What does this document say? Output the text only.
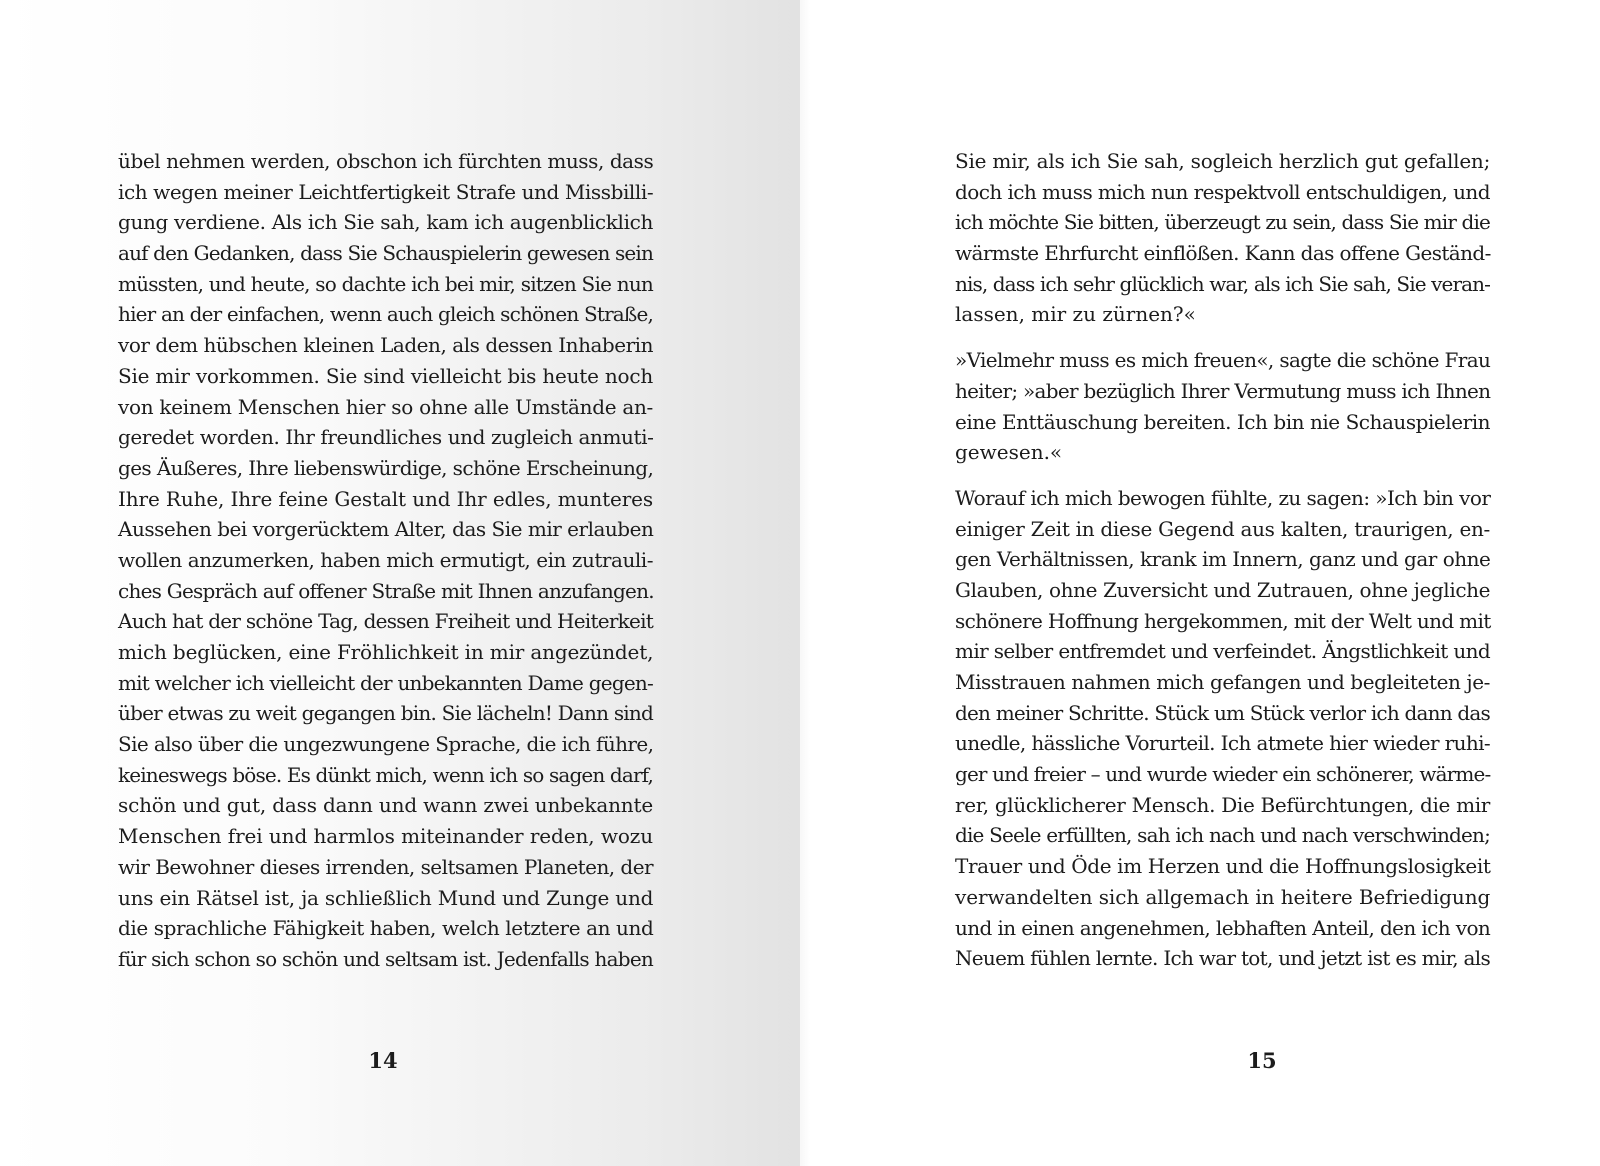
übel nehmen werden, obschon ich fürchten muss, dass
ich wegen meiner Leichtfertigkeit Strafe und Missbilli-
gung verdiene. Als ich Sie sah, kam ich augenblicklich
auf den Gedanken, dass Sie Schauspielerin gewesen sein
müssten, und heute, so dachte ich bei mir, sitzen Sie nun
hier an der einfachen, wenn auch gleich schönen Straße,
vor dem hübschen kleinen Laden, als dessen Inhaberin
Sie mir vorkommen. Sie sind vielleicht bis heute noch
von keinem Menschen hier so ohne alle Umstände an-
geredet worden. Ihr freundliches und zugleich anmuti-
ges Äußeres, Ihre liebenswürdige, schöne Erscheinung,
Ihre Ruhe, Ihre feine Gestalt und Ihr edles, munteres
Aussehen bei vorgerücktem Alter, das Sie mir erlauben
wollen anzumerken, haben mich ermutigt, ein zutrauli-
ches Gespräch auf offener Straße mit Ihnen anzufangen.
Auch hat der schöne Tag, dessen Freiheit und Heiterkeit
mich beglücken, eine Fröhlichkeit in mir angezündet,
mit welcher ich vielleicht der unbekannten Dame gegen-
über etwas zu weit gegangen bin. Sie lächeln! Dann sind
Sie also über die ungezwungene Sprache, die ich führe,
keineswegs böse. Es dünkt mich, wenn ich so sagen darf,
schön und gut, dass dann und wann zwei unbekannte
Menschen frei und harmlos miteinander reden, wozu
wir Bewohner dieses irrenden, seltsamen Planeten, der
uns ein Rätsel ist, ja schließlich Mund und Zunge und
die sprachliche Fähigkeit haben, welch letztere an und
für sich schon so schön und seltsam ist. Jedenfalls haben

14

Sie mir, als ich Sie sah, sogleich herzlich gut gefallen;
doch ich muss mich nun respektvoll entschuldigen, und
ich möchte Sie bitten, überzeugt zu sein, dass Sie mir die
wärmste Ehrfurcht einflößen. Kann das offene Geständ-
nis, dass ich sehr glücklich war, als ich Sie sah, Sie veran-
lassen, mir zu zürnen?«
»Vielmehr muss es mich freuen«, sagte die schöne Frau
heiter; »aber bezüglich Ihrer Vermutung muss ich Ihnen
eine Enttäuschung bereiten. Ich bin nie Schauspielerin
gewesen.«
Worauf ich mich bewogen fühlte, zu sagen: »Ich bin vor
einiger Zeit in diese Gegend aus kalten, traurigen, en-
gen Verhältnissen, krank im Innern, ganz und gar ohne
Glauben, ohne Zuversicht und Zutrauen, ohne jegliche
schönere Hoffnung hergekommen, mit der Welt und mit
mir selber entfremdet und verfeindet. Ängstlichkeit und
Misstrauen nahmen mich gefangen und begleiteten je-
den meiner Schritte. Stück um Stück verlor ich dann das
unedle, hässliche Vorurteil. Ich atmete hier wieder ruhi-
ger und freier – und wurde wieder ein schönerer, wärme-
rer, glücklicherer Mensch. Die Befürchtungen, die mir
die Seele erfüllten, sah ich nach und nach verschwinden;
Trauer und Öde im Herzen und die Hoffnungslosigkeit
verwandelten sich allgemach in heitere Befriedigung
und in einen angenehmen, lebhaften Anteil, den ich von
Neuem fühlen lernte. Ich war tot, und jetzt ist es mir, als

15
